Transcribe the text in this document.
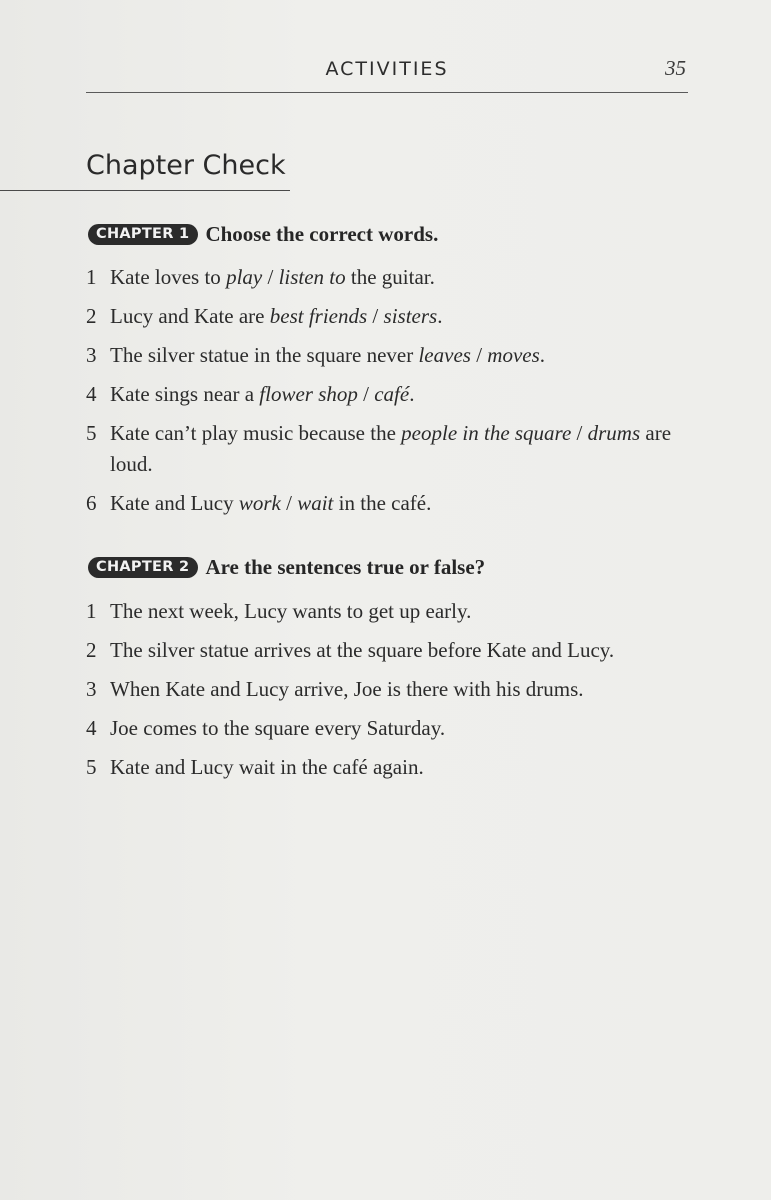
ACTIVITIES	35
Chapter Check
CHAPTER 1 Choose the correct words.
1 Kate loves to play / listen to the guitar.
2 Lucy and Kate are best friends / sisters.
3 The silver statue in the square never leaves / moves.
4 Kate sings near a flower shop / café.
5 Kate can’t play music because the people in the square / drums are loud.
6 Kate and Lucy work / wait in the café.
CHAPTER 2 Are the sentences true or false?
1 The next week, Lucy wants to get up early.
2 The silver statue arrives at the square before Kate and Lucy.
3 When Kate and Lucy arrive, Joe is there with his drums.
4 Joe comes to the square every Saturday.
5 Kate and Lucy wait in the café again.
